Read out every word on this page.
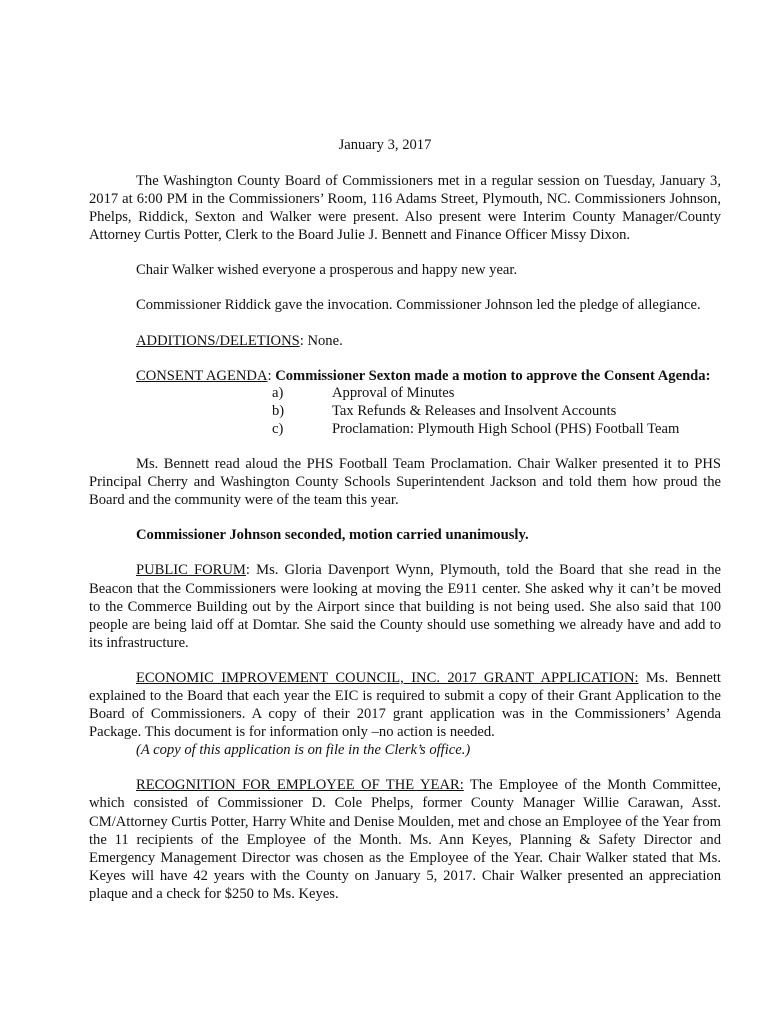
January 3, 2017

The Washington County Board of Commissioners met in a regular session on Tuesday, January 3, 2017 at 6:00 PM in the Commissioners’ Room, 116 Adams Street, Plymouth, NC. Commissioners Johnson, Phelps, Riddick, Sexton and Walker were present. Also present were Interim County Manager/County Attorney Curtis Potter, Clerk to the Board Julie J. Bennett and Finance Officer Missy Dixon.

Chair Walker wished everyone a prosperous and happy new year.

Commissioner Riddick gave the invocation. Commissioner Johnson led the pledge of allegiance.

ADDITIONS/DELETIONS: None.

CONSENT AGENDA: Commissioner Sexton made a motion to approve the Consent Agenda:

a)	Approval of Minutes
b)	Tax Refunds & Releases and Insolvent Accounts
c)	Proclamation: Plymouth High School (PHS) Football Team

Ms. Bennett read aloud the PHS Football Team Proclamation. Chair Walker presented it to PHS Principal Cherry and Washington County Schools Superintendent Jackson and told them how proud the Board and the community were of the team this year.

Commissioner Johnson seconded, motion carried unanimously.

PUBLIC FORUM: Ms. Gloria Davenport Wynn, Plymouth, told the Board that she read in the Beacon that the Commissioners were looking at moving the E911 center. She asked why it can’t be moved to the Commerce Building out by the Airport since that building is not being used. She also said that 100 people are being laid off at Domtar. She said the County should use something we already have and add to its infrastructure.

ECONOMIC IMPROVEMENT COUNCIL, INC. 2017 GRANT APPLICATION: Ms. Bennett explained to the Board that each year the EIC is required to submit a copy of their Grant Application to the Board of Commissioners. A copy of their 2017 grant application was in the Commissioners’ Agenda Package. This document is for information only –no action is needed.
(A copy of this application is on file in the Clerk’s office.)

RECOGNITION FOR EMPLOYEE OF THE YEAR: The Employee of the Month Committee, which consisted of Commissioner D. Cole Phelps, former County Manager Willie Carawan, Asst. CM/Attorney Curtis Potter, Harry White and Denise Moulden, met and chose an Employee of the Year from the 11 recipients of the Employee of the Month. Ms. Ann Keyes, Planning & Safety Director and Emergency Management Director was chosen as the Employee of the Year. Chair Walker stated that Ms. Keyes will have 42 years with the County on January 5, 2017. Chair Walker presented an appreciation plaque and a check for $250 to Ms. Keyes.
